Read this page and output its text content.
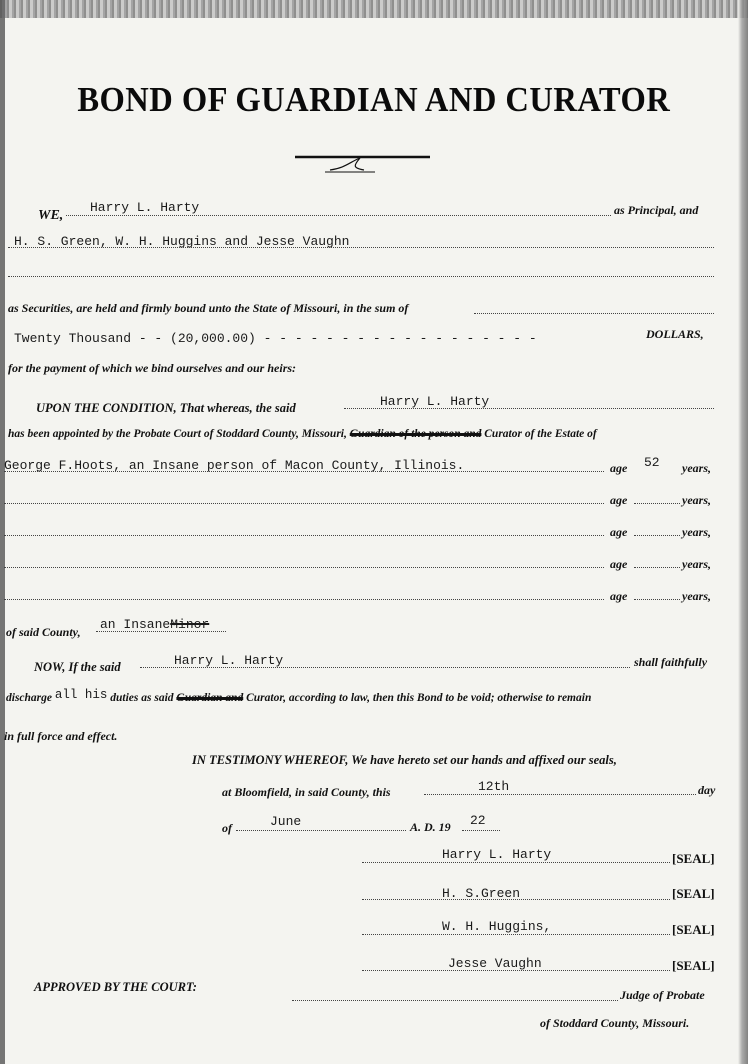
BOND OF GUARDIAN AND CURATOR
WE,
Harry L. Harty	as Principal, and
H. S. Green, W. H. Huggins and Jesse Vaughn
as Securities, are held and firmly bound unto the State of Missouri, in the sum of
Twenty Thousand - - (20,000.00) - - - - - - - - - - - - - - - - - -	DOLLARS,
for the payment of which we bind ourselves and our heirs:
UPON THE CONDITION, That whereas, the said	Harry L. Harty
has been appointed by the Probate Court of Stoddard County, Missouri, Guardian of the person and Curator of the Estate of
George F.Hoots, an Insane person of Macon County, Illinois.	age 52 years,
age	years,
age	years,
age	years,
age	years,
of said County, an InsaneMinor
NOW, If the said	Harry L. Harty	shall faithfully
discharge all his duties as said Guardian and Curator, according to law, then this Bond to be void; otherwise to remain
in full force and effect.
IN TESTIMONY WHEREOF, We have hereto set our hands and affixed our seals,
at Bloomfield, in said County, this	12th	day
of	June	A. D. 19 22
Harry L. Harty	[SEAL]
H. S.Green	[SEAL]
W. H. Huggins,	[SEAL]
Jesse Vaughn	[SEAL]
APPROVED BY THE COURT:
Judge of Probate
of Stoddard County, Missouri.
